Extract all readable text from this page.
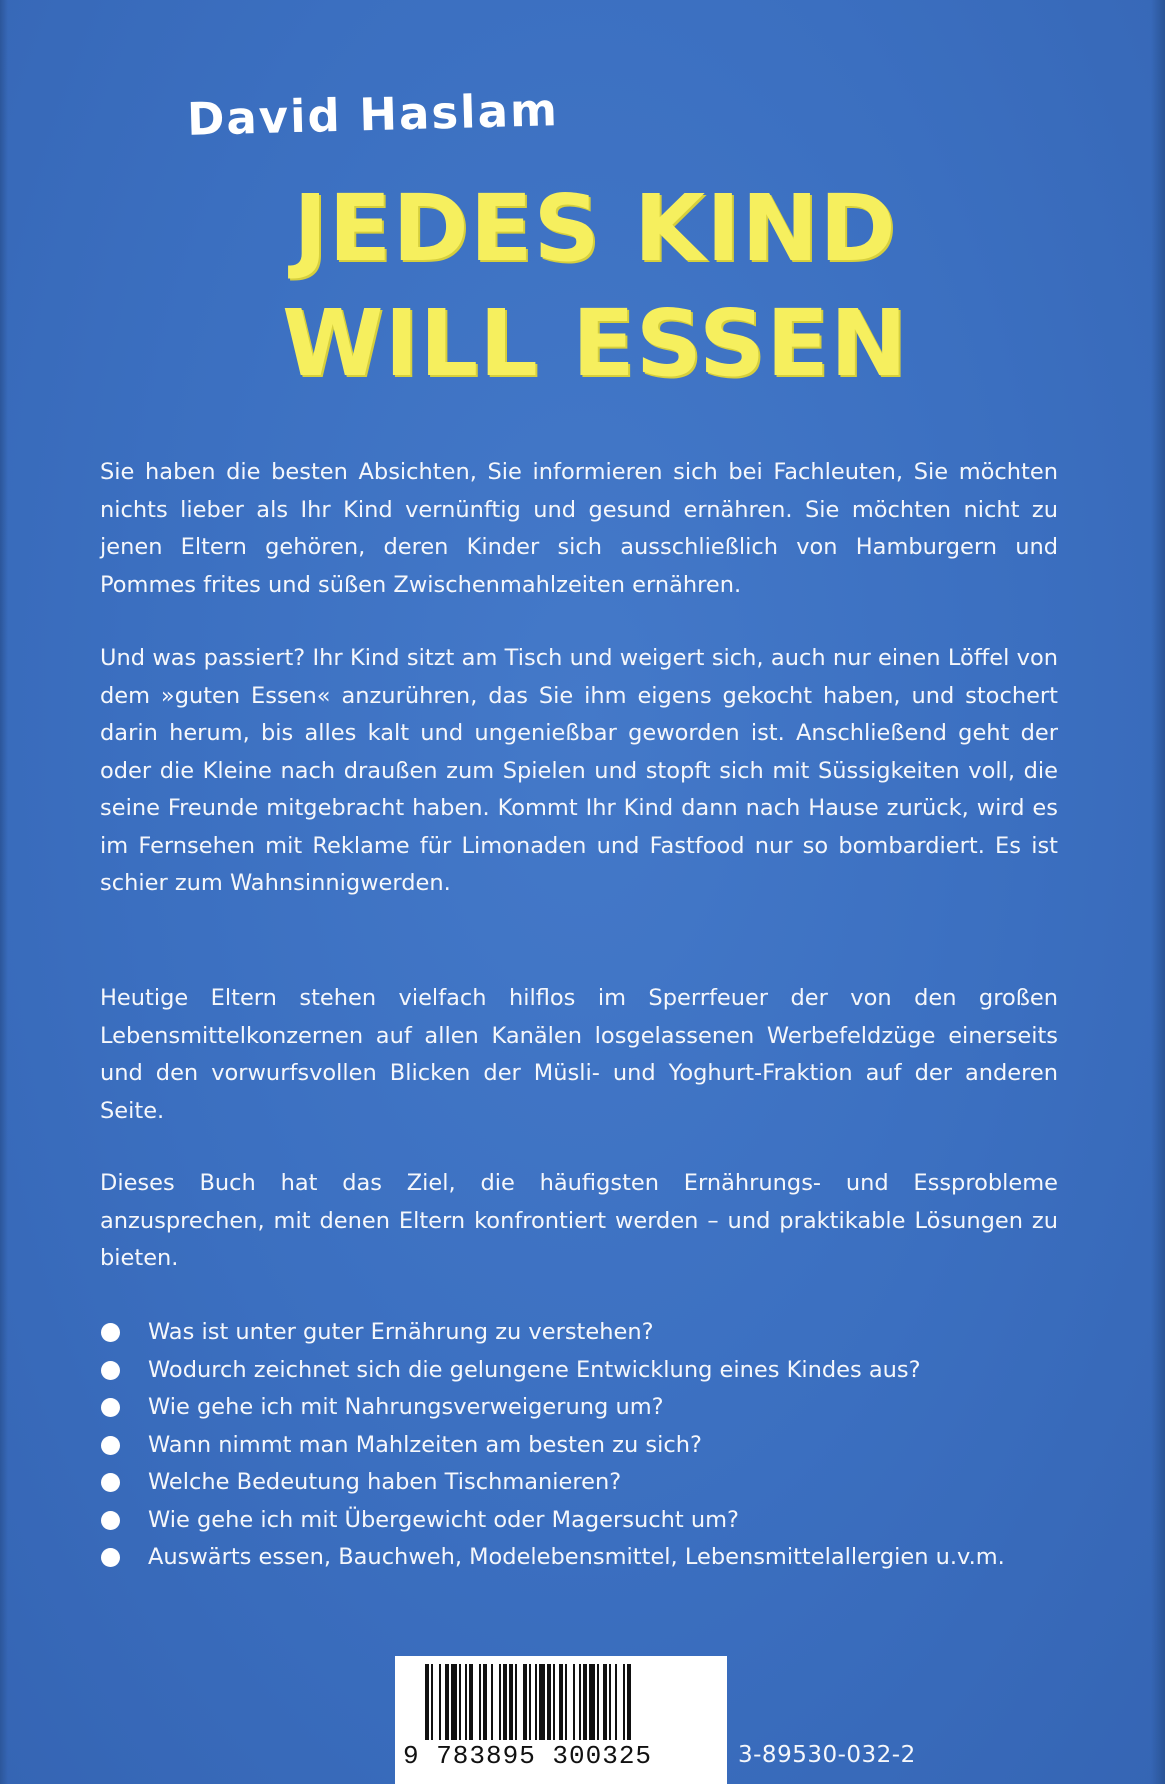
David Haslam
JEDES KIND
WILL ESSEN
Sie haben die besten Absichten, Sie informieren sich bei Fachleuten, Sie möchten nichts lieber als Ihr Kind vernünftig und gesund ernähren. Sie möchten nicht zu jenen Eltern gehören, deren Kinder sich ausschließlich von Hamburgern und Pommes frites und süßen Zwischenmahlzeiten ernähren.
Und was passiert? Ihr Kind sitzt am Tisch und weigert sich, auch nur einen Löffel von dem »guten Essen« anzurühren, das Sie ihm eigens gekocht haben, und stochert darin herum, bis alles kalt und ungenießbar geworden ist. Anschließend geht der oder die Kleine nach draußen zum Spielen und stopft sich mit Süssigkeiten voll, die seine Freunde mitgebracht haben. Kommt Ihr Kind dann nach Hause zurück, wird es im Fernsehen mit Reklame für Limonaden und Fastfood nur so bombardiert. Es ist schier zum Wahnsinnigwerden.
Heutige Eltern stehen vielfach hilflos im Sperrfeuer der von den großen Lebensmittelkonzernen auf allen Kanälen losgelassenen Werbefeldzüge einerseits und den vorwurfsvollen Blicken der Müsli- und Yoghurt-Fraktion auf der anderen Seite.
Dieses Buch hat das Ziel, die häufigsten Ernährungs- und Essprobleme anzusprechen, mit denen Eltern konfrontiert werden – und praktikable Lösungen zu bieten.
Was ist unter guter Ernährung zu verstehen?
Wodurch zeichnet sich die gelungene Entwicklung eines Kindes aus?
Wie gehe ich mit Nahrungsverweigerung um?
Wann nimmt man Mahlzeiten am besten zu sich?
Welche Bedeutung haben Tischmanieren?
Wie gehe ich mit Übergewicht oder Magersucht um?
Auswärts essen, Bauchweh, Modelebensmittel, Lebensmittelallergien u.v.m.
9 783895 300325	3-89530-032-2
